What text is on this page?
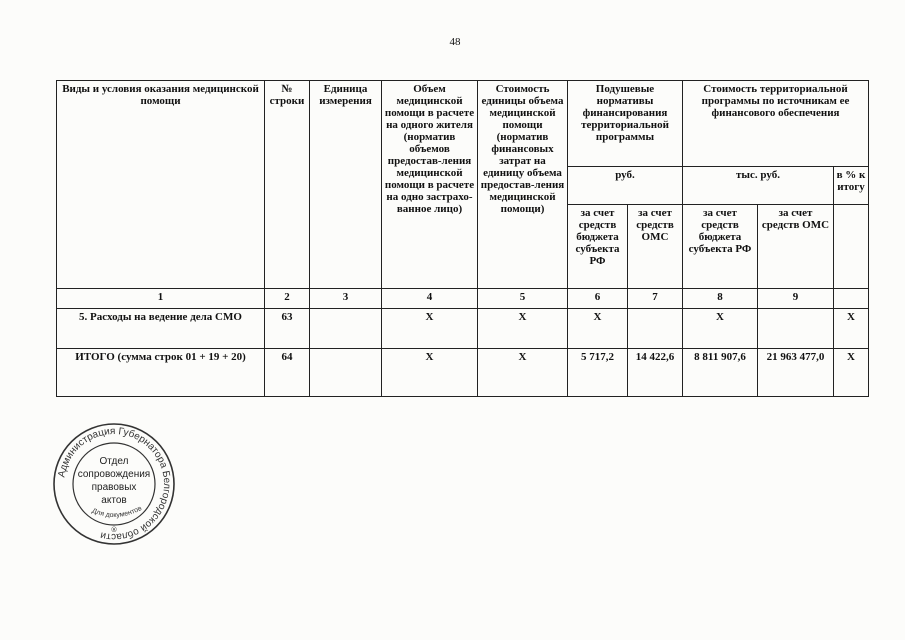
48
Виды и условия оказания медицинской помощи	№ строки	Единица измерения	Объем медицинской помощи в расчете на одного жителя (норматив объемов предостав-ления медицинской помощи в расчете на одно застрахо-ванное лицо)	Стоимость единицы объема медицинской помощи (норматив финансовых затрат на единицу объема предостав-ления медицинской помощи)	Подушевые нормативы финансирования территориальной программы		Стоимость территориальной программы по источникам ее финансового обеспечения		
					руб.		тыс. руб.		в % к итогу
					за счет средств бюджета субъекта РФ	за счет средств ОМС	за счет средств бюджета субъекта РФ	за счет средств ОМС	
1	2	3	4	5	6	7	8	9	
5. Расходы на ведение дела СМО	63		Х	Х	Х		Х		Х
ИТОГО (сумма строк 01 + 19 + 20)	64		Х	Х	5 717,2	14 422,6	8 811 907,6	21 963 477,0	Х
Администрация Губернатора Белгородской области
Отдел
сопровождения
правовых
актов
Для документов
®
